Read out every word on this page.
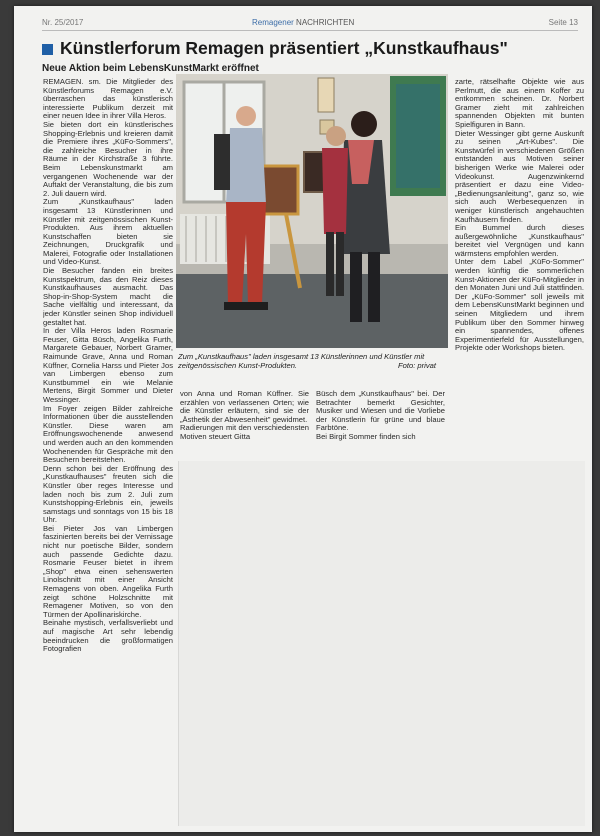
Nr. 25/2017	Remagener NACHRICHTEN	Seite 13
Künstlerforum Remagen präsentiert „Kunstkaufhaus"
Neue Aktion beim LebensKunstMarkt eröffnet
REMAGEN. sm. Die Mitglieder des Künstlerforums Remagen e.V. überraschen das künstlerisch interessierte Publikum derzeit mit einer neuen Idee in ihrer Villa Heros.
Sie bieten dort ein künstlerisches Shopping-Erlebnis und kreieren damit die Premiere ihres „KüFo-Sommers", die zahlreiche Besucher in ihre Räume in der Kirchstraße 3 führte. Beim Lebenskunstmarkt am vergangenen Wochenende war der Auftakt der Veranstaltung, die bis zum 2. Juli dauern wird.
Zum „Kunstkaufhaus" laden insgesamt 13 Künstlerinnen und Künstler mit zeitgenössischen Kunst-Produkten. Aus ihrem aktuellen Kunstschaffen bieten sie Zeichnungen, Druckgrafik und Malerei, Fotografie oder Installationen und Video-Kunst.
Die Besucher fanden ein breites Kunstspektrum, das den Reiz dieses Kunstkaufhauses ausmacht. Das Shop-in-Shop-System macht die Sache vielfältig und interessant, da jeder Künstler seinen Shop individuell gestaltet hat.
In der Villa Heros laden Rosmarie Feuser, Gitta Büsch, Angelika Furth, Margarete Gebauer, Norbert Gramer, Raimunde Grave, Anna und Roman Küffner, Cornelia Harss und Pieter Jos van Limbergen ebenso zum Kunstbummel ein wie Melanie Mertens, Birgit Sommer und Dieter Wessinger.
Im Foyer zeigen Bilder zahlreiche Informationen über die ausstellenden Künstler. Diese waren am Eröffnungswochenende anwesend und werden auch an den kommenden Wochenenden für Gespräche mit den Besuchern bereitstehen.
Denn schon bei der Eröffnung des „Kunstkaufhauses" freuten sich die Künstler über reges Interesse und laden noch bis zum 2. Juli zum Kunstshopping-Erlebnis ein, jeweils samstags und sonntags von 15 bis 18 Uhr.
Bei Pieter Jos van Limbergen faszinierten bereits bei der Vernissage nicht nur poetische Bilder, sondern auch passende Gedichte dazu. Rosmarie Feuser bietet in ihrem „Shop" etwa einen sehenswerten Linolschnitt mit einer Ansicht Remagens von oben. Angelika Furth zeigt schöne Holzschnitte mit Remagener Motiven, so von den Türmen der Apollinariskirche.
Beinahe mystisch, verfallsverliebt und auf magische Art sehr lebendig beeindrucken die großformatigen Fotografien
Zum „Kunstkaufhaus" laden insgesamt 13 Künstlerinnen und Künstler mit zeitgenössischen Kunst-Produkten.	Foto: privat
von Anna und Roman Küffner. Sie erzählen von verlassenen Orten; wie die Künstler erläutern, sind sie der „Ästhetik der Abwesenheit" gewidmet.
Radierungen mit den verschiedensten Motiven steuert Gitta
Büsch dem „Kunstkaufhaus" bei. Der Betrachter bemerkt Gesichter, Musiker und Wiesen und die Vorliebe der Künstlerin für grüne und blaue Farbtöne.
Bei Birgit Sommer finden sich
zarte, rätselhafte Objekte wie aus Perlmutt, die aus einem Koffer zu entkommen scheinen. Dr. Norbert Gramer zieht mit zahlreichen spannenden Objekten mit bunten Spielfiguren in Bann.
Dieter Wessinger gibt gerne Auskunft zu seinen „Art-Kubes". Die Kunstwürfel in verschiedenen Größen entstanden aus Motiven seiner bisherigen Werke wie Malerei oder Videokunst. Augenzwinkernd präsentiert er dazu eine Video-„Bedienungsanleitung", ganz so, wie sich auch Werbesequenzen in weniger künstlerisch angehauchten Kaufhäusern finden.
Ein Bummel durch dieses außergewöhnliche „Kunstkaufhaus" bereitet viel Vergnügen und kann wärmstens empfohlen werden.
Unter dem Label „KüFo-Sommer" werden künftig die sommerlichen Kunst-Aktionen der KüFo-Mitglieder in den Monaten Juni und Juli stattfinden. Der „KüFo-Sommer" soll jeweils mit dem LebensKunstMarkt beginnen und seinen Mitgliedern und ihrem Publikum über den Sommer hinweg ein spannendes, offenes Experimentierfeld für Ausstellungen, Projekte oder Workshops bieten.
